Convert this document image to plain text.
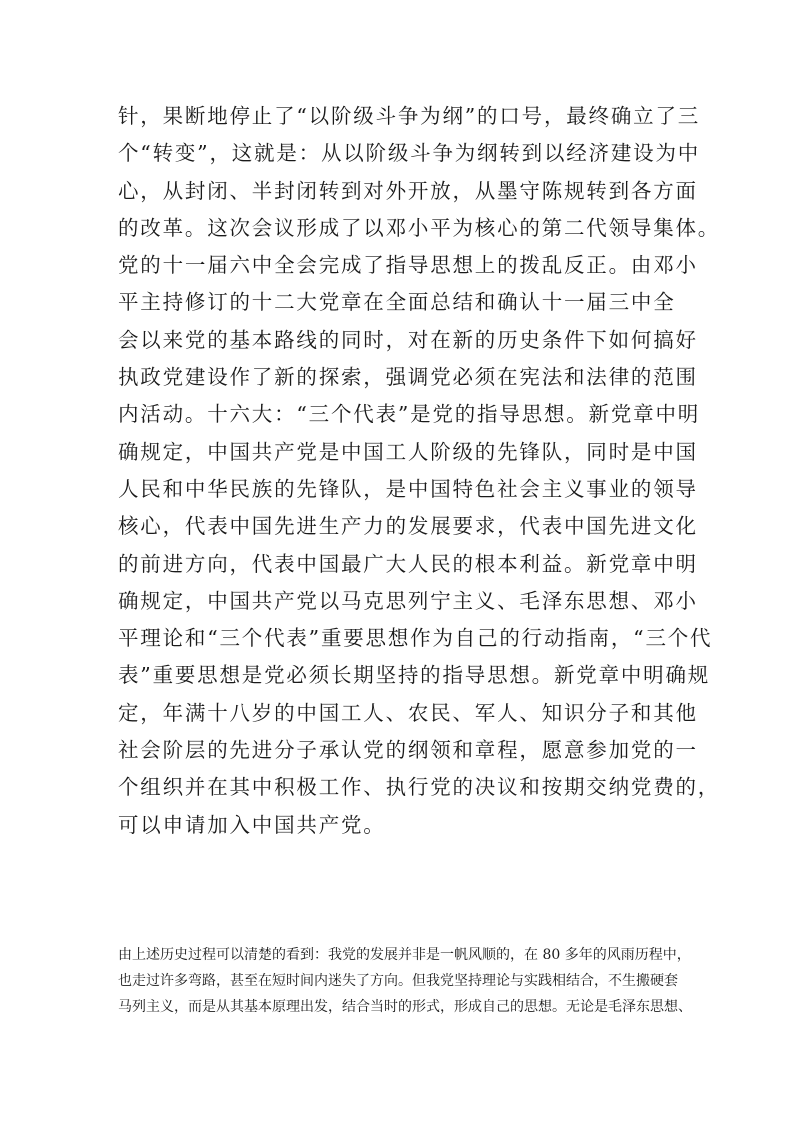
针，果断地停止了“以阶级斗争为纲”的口号，最终确立了三
个“转变”，这就是：从以阶级斗争为纲转到以经济建设为中
心，从封闭、半封闭转到对外开放，从墨守陈规转到各方面
的改革。这次会议形成了以邓小平为核心的第二代领导集体。
党的十一届六中全会完成了指导思想上的拨乱反正。由邓小
平主持修订的十二大党章在全面总结和确认十一届三中全
会以来党的基本路线的同时，对在新的历史条件下如何搞好
执政党建设作了新的探索，强调党必须在宪法和法律的范围
内活动。十六大：“三个代表”是党的指导思想。新党章中明
确规定，中国共产党是中国工人阶级的先锋队，同时是中国
人民和中华民族的先锋队，是中国特色社会主义事业的领导
核心，代表中国先进生产力的发展要求，代表中国先进文化
的前进方向，代表中国最广大人民的根本利益。新党章中明
确规定，中国共产党以马克思列宁主义、毛泽东思想、邓小
平理论和“三个代表”重要思想作为自己的行动指南，“三个代
表”重要思想是党必须长期坚持的指导思想。新党章中明确规
定，年满十八岁的中国工人、农民、军人、知识分子和其他
社会阶层的先进分子承认党的纲领和章程，愿意参加党的一
个组织并在其中积极工作、执行党的决议和按期交纳党费的，
可以申请加入中国共产党。
由上述历史过程可以清楚的看到：我党的发展并非是一帆风顺的，在 80 多年的风雨历程中，
也走过许多弯路，甚至在短时间内迷失了方向。但我党坚持理论与实践相结合，不生搬硬套
马列主义，而是从其基本原理出发，结合当时的形式，形成自己的思想。无论是毛泽东思想、
